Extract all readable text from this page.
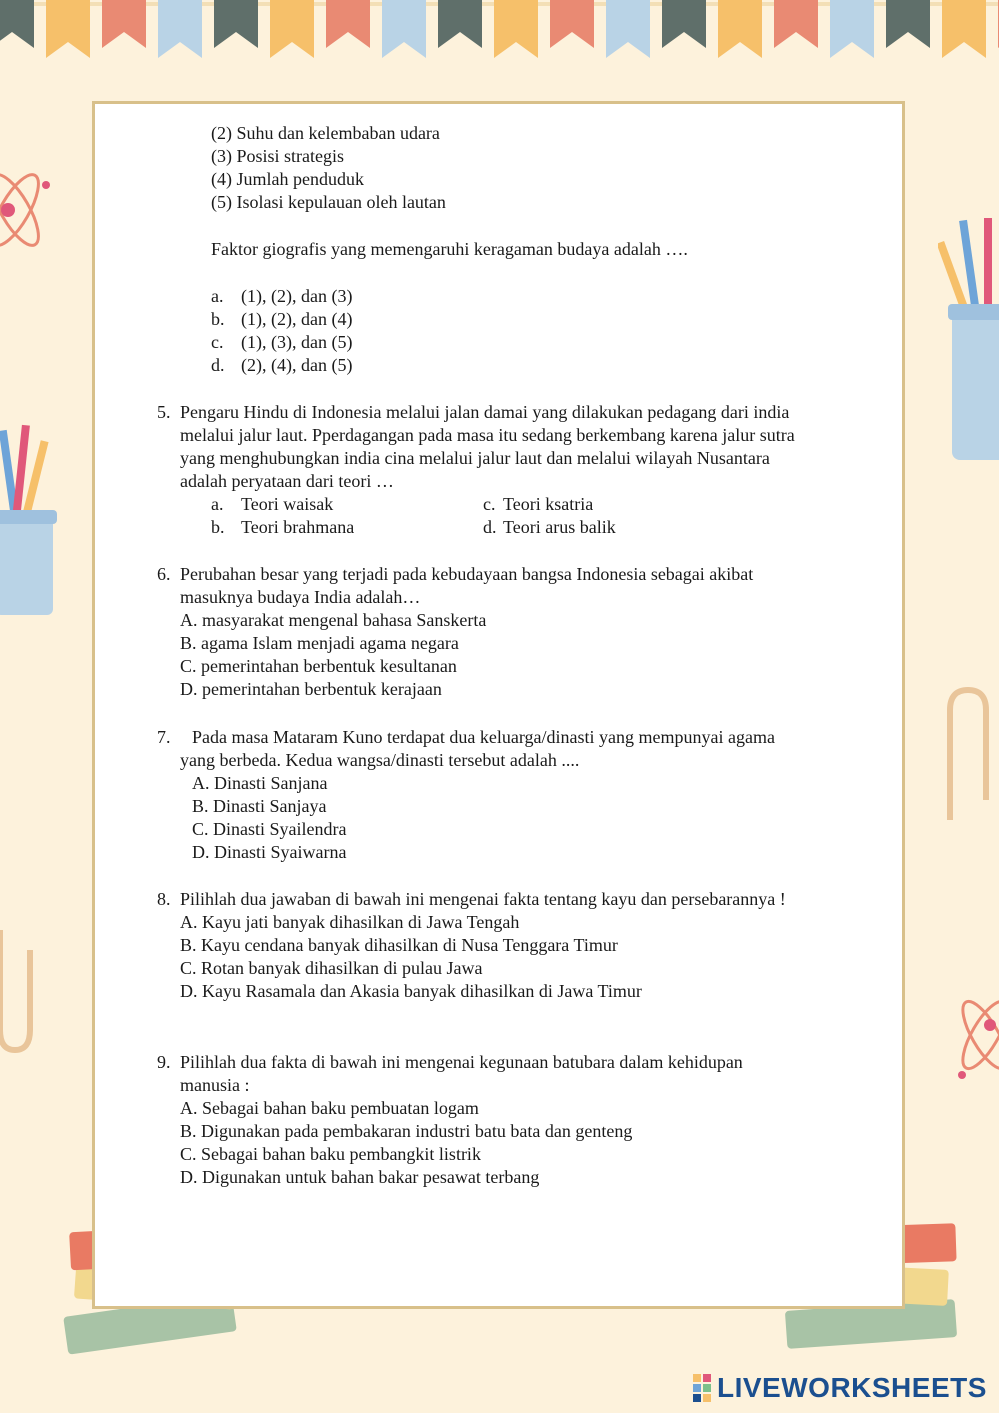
(2) Suhu dan kelembaban udara
(3) Posisi strategis
(4) Jumlah penduduk
(5) Isolasi kepulauan oleh lautan
Faktor giografis yang memengaruhi keragaman budaya adalah ….
a. (1), (2), dan (3)
b. (1), (2), dan (4)
c. (1), (3), dan (5)
d. (2), (4), dan (5)
5. Pengaru Hindu di Indonesia melalui jalan damai yang dilakukan pedagang dari india
melalui jalur laut. Pperdagangan pada masa itu sedang berkembang karena jalur sutra
yang menghubungkan india cina melalui jalur laut dan melalui wilayah Nusantara
adalah peryataan dari teori …
a. Teori waisak	c. Teori ksatria
b. Teori brahmana	d. Teori arus balik
6. Perubahan besar yang terjadi pada kebudayaan bangsa Indonesia sebagai akibat
masuknya budaya India adalah…
A. masyarakat mengenal bahasa Sanskerta
B. agama Islam menjadi agama negara
C. pemerintahan berbentuk kesultanan
D. pemerintahan berbentuk kerajaan
7. Pada masa Mataram Kuno terdapat dua keluarga/dinasti yang mempunyai agama
yang berbeda. Kedua wangsa/dinasti tersebut adalah ....
A. Dinasti Sanjana
B. Dinasti Sanjaya
C. Dinasti Syailendra
D. Dinasti Syaiwarna
8. Pilihlah dua jawaban di bawah ini mengenai fakta tentang kayu dan persebarannya !
A. Kayu jati banyak dihasilkan di Jawa Tengah
B. Kayu cendana banyak dihasilkan di Nusa Tenggara Timur
C. Rotan banyak dihasilkan di pulau Jawa
D. Kayu Rasamala dan Akasia banyak dihasilkan di Jawa Timur
9. Pilihlah dua fakta di bawah ini mengenai kegunaan batubara dalam kehidupan
manusia :
A. Sebagai bahan baku pembuatan logam
B. Digunakan pada pembakaran industri batu bata dan genteng
C. Sebagai bahan baku pembangkit listrik
D. Digunakan untuk bahan bakar pesawat terbang

LIVEWORKSHEETS
